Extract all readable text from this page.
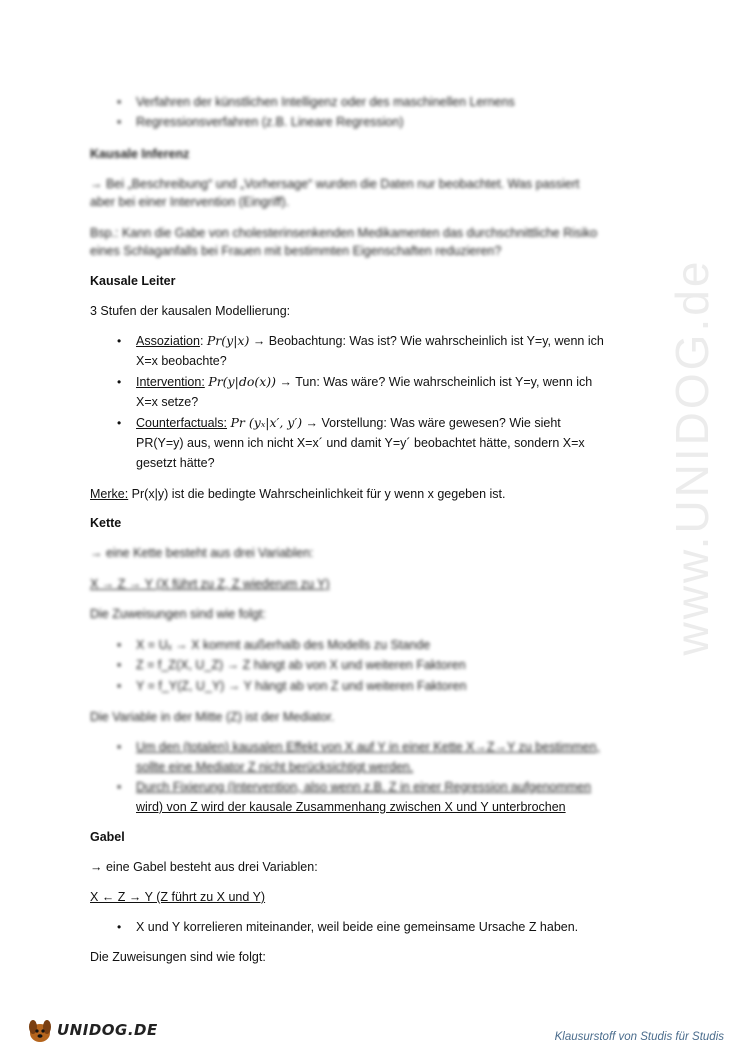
www.UNIDOG.de
• Verfahren der künstlichen Intelligenz oder des maschinellen Lernens
• Regressionsverfahren (z.B. Lineare Regression)
Kausale Inferenz
→ Bei „Beschreibung“ und „Vorhersage“ wurden die Daten nur beobachtet. Was passiert
aber bei einer Intervention (Eingriff).
Bsp.: Kann die Gabe von cholesterinsenkenden Medikamenten das durchschnittliche Risiko
eines Schlaganfalls bei Frauen mit bestimmten Eigenschaften reduzieren?
Kausale Leiter
3 Stufen der kausalen Modellierung:
• Assoziation: Pr(y|x) → Beobachtung: Was ist? Wie wahrscheinlich ist Y=y, wenn ich
X=x beobachte?
• Intervention: Pr(y|do(x)) → Tun: Was wäre? Wie wahrscheinlich ist Y=y, wenn ich
X=x setze?
• Counterfactuals: Pr (yₓ|x′, y′) → Vorstellung: Was wäre gewesen? Wie sieht
PR(Y=y) aus, wenn ich nicht X=x´ und damit Y=y´ beobachtet hätte, sondern X=x
gesetzt hätte?
Merke: Pr(x|y) ist die bedingte Wahrscheinlichkeit für y wenn x gegeben ist.
Kette
→ eine Kette besteht aus drei Variablen:
X → Z → Y (X führt zu Z, Z wiederum zu Y)
Die Zuweisungen sind wie folgt:
• X = Uₓ → X kommt außerhalb des Modells zu Stande
• Z = f_Z(X, U_Z) → Z hängt ab von X und weiteren Faktoren
• Y = f_Y(Z, U_Y) → Y hängt ab von Z und weiteren Faktoren
Die Variable in der Mitte (Z) ist der Mediator.
• Um den (totalen) kausalen Effekt von X auf Y in einer Kette X→Z→Y zu bestimmen,
sollte eine Mediator Z nicht berücksichtigt werden.
• Durch Fixierung (Intervention, also wenn z.B. Z in einer Regression aufgenommen
wird) von Z wird der kausale Zusammenhang zwischen X und Y unterbrochen
Gabel
→ eine Gabel besteht aus drei Variablen:
X ← Z → Y (Z führt zu X und Y)
• X und Y korrelieren miteinander, weil beide eine gemeinsame Ursache Z haben.
Die Zuweisungen sind wie folgt:
UNIDOG.DE	Klausurstoff von Studis für Studis
